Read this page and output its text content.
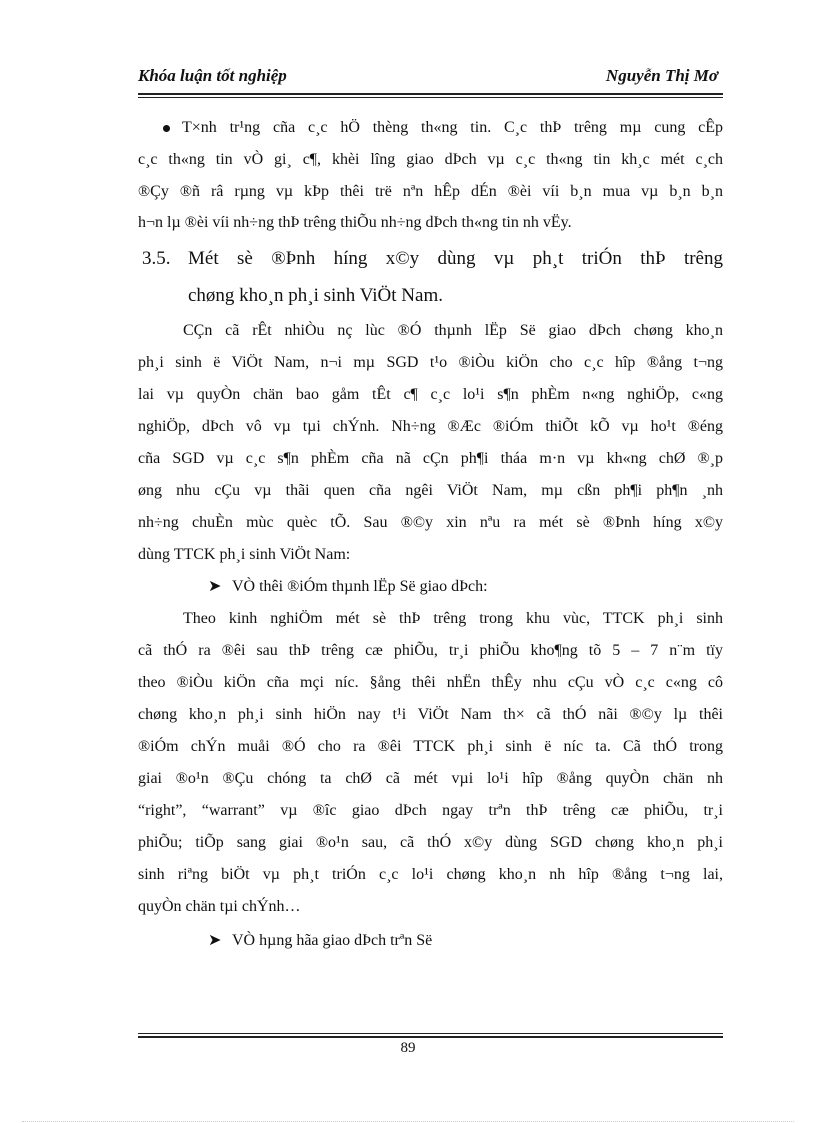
Khóa luận tốt nghiệp	Nguyễn Thị Mơ
T×nh tr¹ng cña c¸c hÖ thèng th«ng tin. C¸c thÞ trêng mµ cung cÊp
c¸c th«ng tin vÒ gi¸ c¶, khèi lîng giao dÞch vµ c¸c th«ng tin kh¸c mét c¸ch
®Çy ®ñ râ rµng vµ kÞp thêi trë nªn hÊp dÉn ®èi víi b¸n mua vµ b¸n b¸n
h¬n lµ ®èi víi nh÷ng thÞ trêng thiÕu nh÷ng dÞch th«ng tin nh vËy.
3.5. Mét sè ®Þnh híng x©y dùng vµ ph¸t triÓn thÞ trêng
chøng kho¸n ph¸i sinh ViÖt Nam.
CÇn cã rÊt nhiÒu nç lùc ®Ó thµnh lËp Së giao dÞch chøng kho¸n
ph¸i sinh ë ViÖt Nam, n¬i mµ SGD t¹o ®iÒu kiÖn cho c¸c hîp ®ång t¬ng
lai vµ quyÒn chän bao gåm tÊt c¶ c¸c lo¹i s¶n phÈm n«ng nghiÖp, c«ng
nghiÖp, dÞch vô vµ tµi chÝnh. Nh÷ng ®Æc ®iÓm thiÕt kÕ vµ ho¹t ®éng
cña SGD vµ c¸c s¶n phÈm cña nã cÇn ph¶i tháa m·n vµ kh«ng chØ ®¸p
øng nhu cÇu vµ thãi quen cña ngêi ViÖt Nam, mµ cßn ph¶i ph¶n ¸nh
nh÷ng chuÈn mùc quèc tÕ. Sau ®©y xin nªu ra mét sè ®Þnh híng x©y
dùng TTCK ph¸i sinh ViÖt Nam:
➤ VÒ thêi ®iÓm thµnh lËp Së giao dÞch:
Theo kinh nghiÖm mét sè thÞ trêng trong khu vùc, TTCK ph¸i sinh
cã thÓ ra ®êi sau thÞ trêng cæ phiÕu, tr¸i phiÕu kho¶ng tõ 5 – 7 n¨m tïy
theo ®iÒu kiÖn cña mçi níc. §ång thêi nhËn thÊy nhu cÇu vÒ c¸c c«ng cô
chøng kho¸n ph¸i sinh hiÖn nay t¹i ViÖt Nam th× cã thÓ nãi ®©y lµ thêi
®iÓm chÝn muåi ®Ó cho ra ®êi TTCK ph¸i sinh ë níc ta. Cã thÓ trong
giai ®o¹n ®Çu chóng ta chØ cã mét vµi lo¹i hîp ®ång quyÒn chän nh
“right”, “warrant” vµ ®îc giao dÞch ngay trªn thÞ trêng cæ phiÕu, tr¸i
phiÕu; tiÕp sang giai ®o¹n sau, cã thÓ x©y dùng SGD chøng kho¸n ph¸i
sinh riªng biÖt vµ ph¸t triÓn c¸c lo¹i chøng kho¸n nh hîp ®ång t¬ng lai,
quyÒn chän tµi chÝnh…
➤ VÒ hµng hãa giao dÞch trªn Së
89
